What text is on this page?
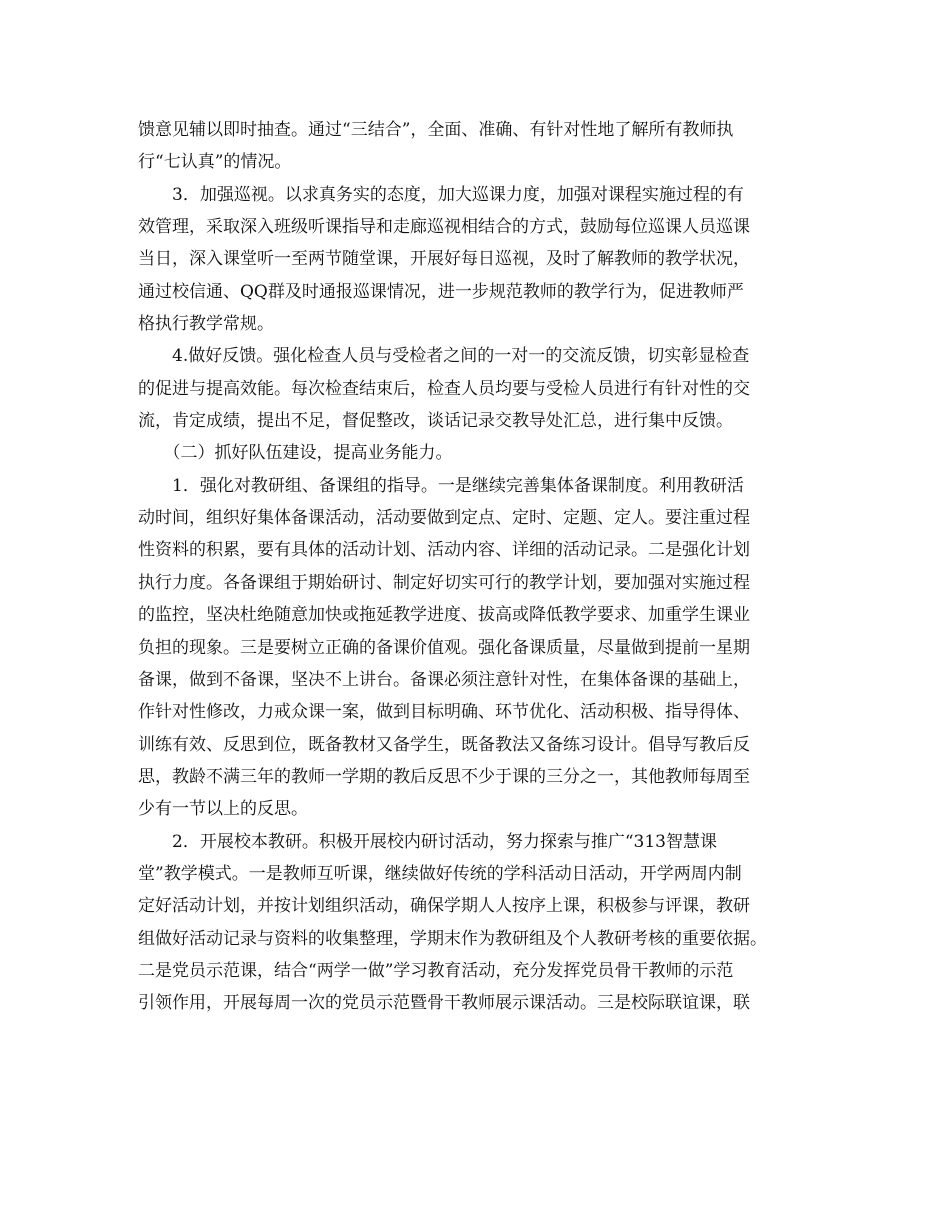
馈意见辅以即时抽查。通过“三结合”，全面、准确、有针对性地了解所有教师执
行“七认真”的情况。
　　3．加强巡视。以求真务实的态度，加大巡课力度，加强对课程实施过程的有
效管理，采取深入班级听课指导和走廊巡视相结合的方式，鼓励每位巡课人员巡课
当日，深入课堂听一至两节随堂课，开展好每日巡视，及时了解教师的教学状况，
通过校信通、QQ群及时通报巡课情况，进一步规范教师的教学行为，促进教师严
格执行教学常规。
　　4.做好反馈。强化检查人员与受检者之间的一对一的交流反馈，切实彰显检查
的促进与提高效能。每次检查结束后，检查人员均要与受检人员进行有针对性的交
流，肯定成绩，提出不足，督促整改，谈话记录交教导处汇总，进行集中反馈。
　　（二）抓好队伍建设，提高业务能力。
　　1．强化对教研组、备课组的指导。一是继续完善集体备课制度。利用教研活
动时间，组织好集体备课活动，活动要做到定点、定时、定题、定人。要注重过程
性资料的积累，要有具体的活动计划、活动内容、详细的活动记录。二是强化计划
执行力度。各备课组于期始研讨、制定好切实可行的教学计划，要加强对实施过程
的监控，坚决杜绝随意加快或拖延教学进度、拔高或降低教学要求、加重学生课业
负担的现象。三是要树立正确的备课价值观。强化备课质量，尽量做到提前一星期
备课，做到不备课，坚决不上讲台。备课必须注意针对性，在集体备课的基础上，
作针对性修改，力戒众课一案，做到目标明确、环节优化、活动积极、指导得体、
训练有效、反思到位，既备教材又备学生，既备教法又备练习设计。倡导写教后反
思，教龄不满三年的教师一学期的教后反思不少于课的三分之一，其他教师每周至
少有一节以上的反思。
　　2．开展校本教研。积极开展校内研讨活动，努力探索与推广“313智慧课
堂”教学模式。一是教师互听课，继续做好传统的学科活动日活动，开学两周内制
定好活动计划，并按计划组织活动，确保学期人人按序上课，积极参与评课，教研
组做好活动记录与资料的收集整理，学期末作为教研组及个人教研考核的重要依据。
二是党员示范课，结合“两学一做”学习教育活动，充分发挥党员骨干教师的示范
引领作用，开展每周一次的党员示范暨骨干教师展示课活动。三是校际联谊课，联
